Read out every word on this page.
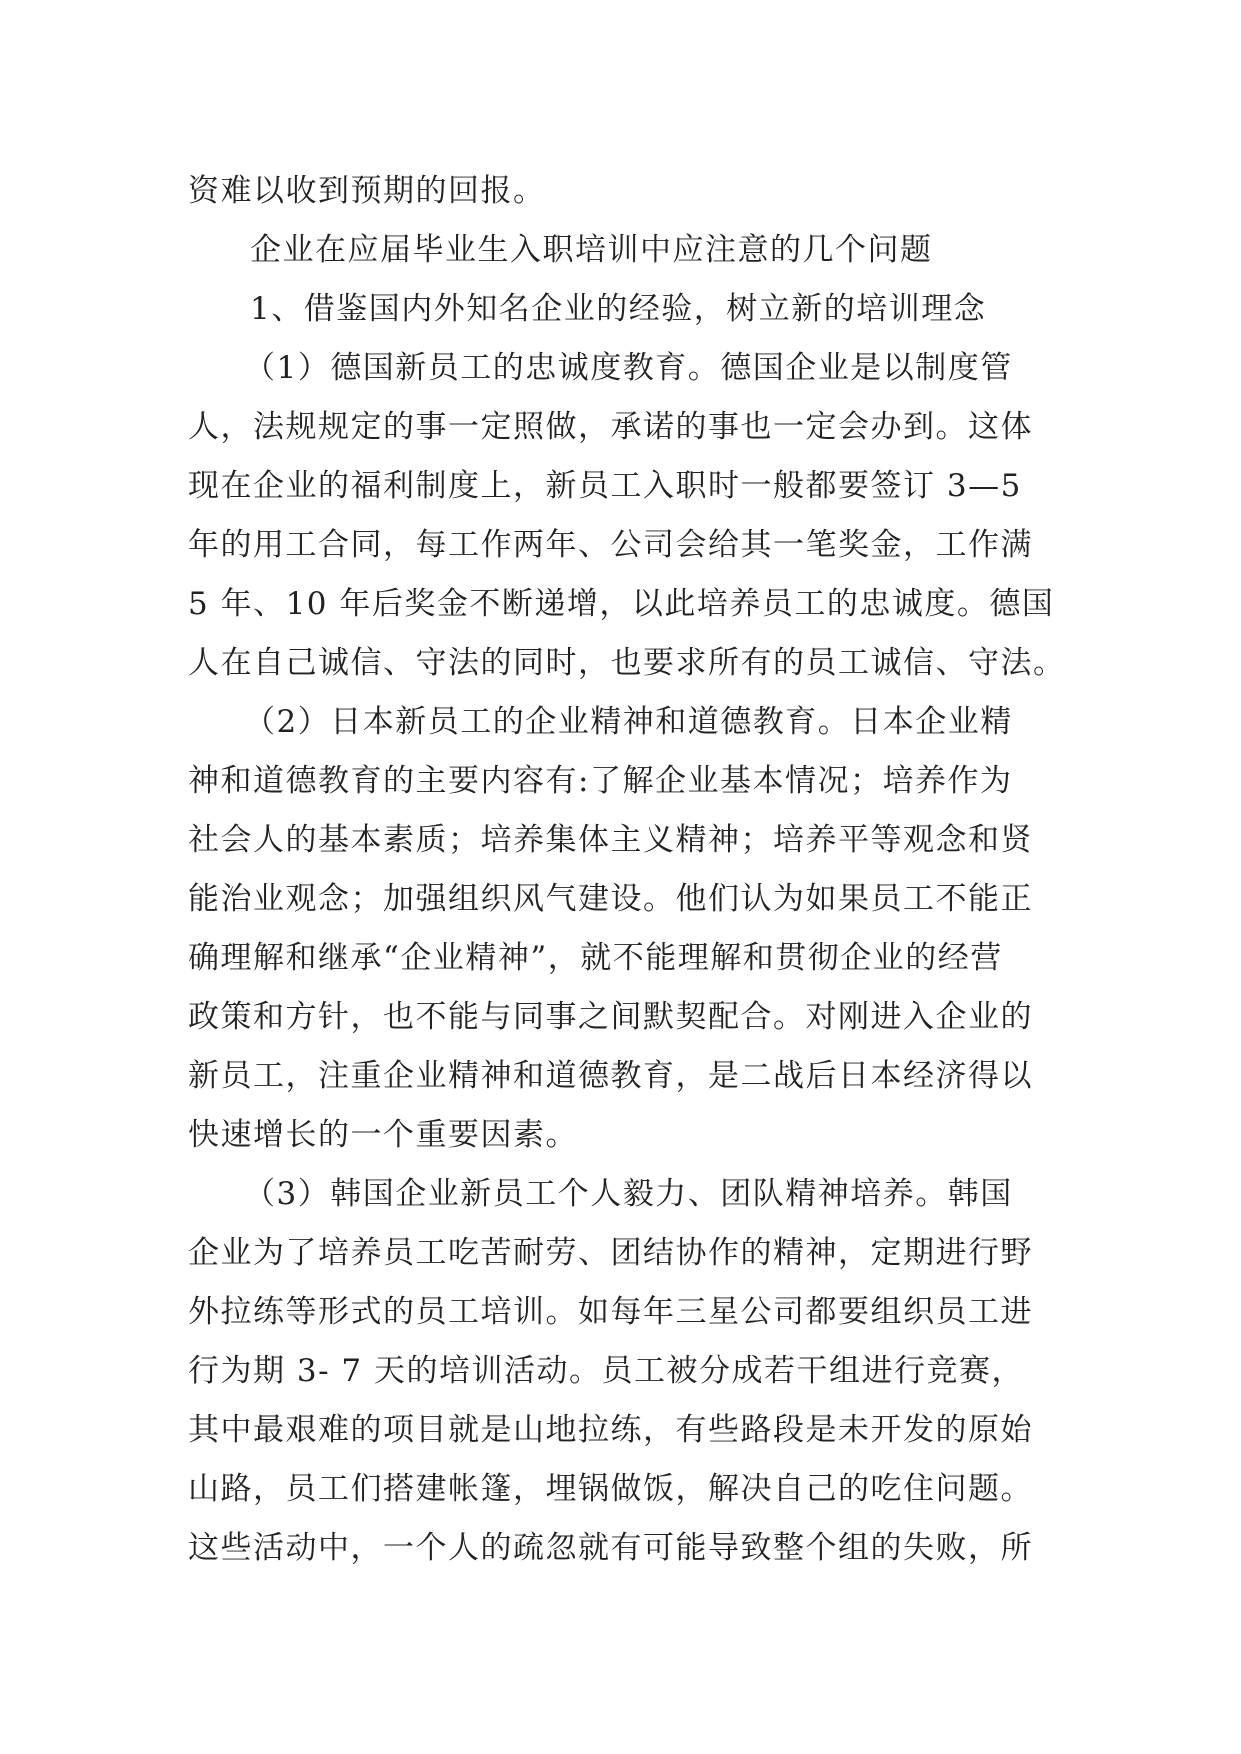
资难以收到预期的回报。
企业在应届毕业生入职培训中应注意的几个问题
1、借鉴国内外知名企业的经验，树立新的培训理念
（1）德国新员工的忠诚度教育。德国企业是以制度管
人，法规规定的事一定照做，承诺的事也一定会办到。这体
现在企业的福利制度上，新员工入职时一般都要签订 3—5
年的用工合同，每工作两年、公司会给其一笔奖金，工作满
5 年、10 年后奖金不断递增，以此培养员工的忠诚度。德国
人在自己诚信、守法的同时，也要求所有的员工诚信、守法。
（2）日本新员工的企业精神和道德教育。日本企业精
神和道德教育的主要内容有:了解企业基本情况；培养作为
社会人的基本素质；培养集体主义精神；培养平等观念和贤
能治业观念；加强组织风气建设。他们认为如果员工不能正
确理解和继承“企业精神”，就不能理解和贯彻企业的经营
政策和方针，也不能与同事之间默契配合。对刚进入企业的
新员工，注重企业精神和道德教育，是二战后日本经济得以
快速增长的一个重要因素。
（3）韩国企业新员工个人毅力、团队精神培养。韩国
企业为了培养员工吃苦耐劳、团结协作的精神，定期进行野
外拉练等形式的员工培训。如每年三星公司都要组织员工进
行为期 3- 7 天的培训活动。员工被分成若干组进行竞赛，
其中最艰难的项目就是山地拉练，有些路段是未开发的原始
山路，员工们搭建帐篷，埋锅做饭，解决自己的吃住问题。
这些活动中，一个人的疏忽就有可能导致整个组的失败，所
